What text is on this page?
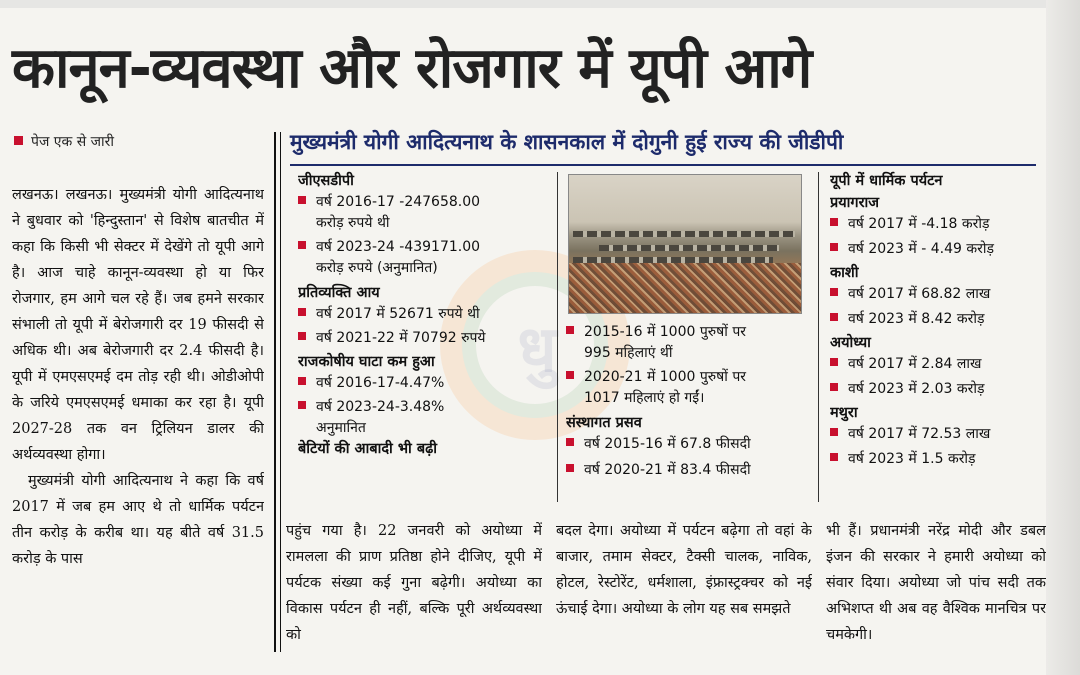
धु
कानून-व्यवस्था और रोजगार में यूपी आगे
पेज एक से जारी

लखनऊ। लखनऊ। मुख्यमंत्री योगी आदित्यनाथ ने बुधवार को 'हिन्दुस्तान' से विशेष बातचीत में कहा कि किसी भी सेक्टर में देखेंगे तो यूपी आगे है। आज चाहे कानून-व्यवस्था हो या फिर रोजगार, हम आगे चल रहे हैं। जब हमने सरकार संभाली तो यूपी में बेरोजगारी दर 19 फीसदी से अधिक थी। अब बेरोजगारी दर 2.4 फीसदी है। यूपी में एमएसएमई दम तोड़ रही थी। ओडीओपी के जरिये एमएसएमई धमाका कर रहा है। यूपी 2027-28 तक वन ट्रिलियन डालर की अर्थव्यवस्था होगा।

मुख्यमंत्री योगी आदित्यनाथ ने कहा कि वर्ष 2017 में जब हम आए थे तो धार्मिक पर्यटन तीन करोड़ के करीब था। यह बीते वर्ष 31.5 करोड़ के पास

मुख्यमंत्री योगी आदित्यनाथ के शासनकाल में दोगुनी हुई राज्य की जीडीपी
जीएसडीपी
वर्ष 2016-17 -247658.00
करोड़ रुपये थी
वर्ष 2023-24 -439171.00
करोड़ रुपये (अनुमानित)
प्रतिव्यक्ति आय
वर्ष 2017 में 52671 रुपये थी
वर्ष 2021-22 में 70792 रुपये
राजकोषीय घाटा कम हुआ
वर्ष 2016-17-4.47%
वर्ष 2023-24-3.48%
अनुमानित
बेटियों की आबादी भी बढ़ी
2015-16 में 1000 पुरुषों पर
995 महिलाएं थीं
2020-21 में 1000 पुरुषों पर
1017 महिलाएं हो गईं।
संस्थागत प्रसव
वर्ष 2015-16 में 67.8 फीसदी
वर्ष 2020-21 में 83.4 फीसदी
यूपी में धार्मिक पर्यटन
प्रयागराज
वर्ष 2017 में -4.18 करोड़
वर्ष 2023 में - 4.49 करोड़
काशी
वर्ष 2017 में 68.82 लाख
वर्ष 2023 में 8.42 करोड़
अयोध्या
वर्ष 2017 में 2.84 लाख
वर्ष 2023 में 2.03 करोड़
मथुरा
वर्ष 2017 में 72.53 लाख
वर्ष 2023 में 1.5 करोड़
पहुंच गया है। 22 जनवरी को अयोध्या में रामलला की प्राण प्रतिष्ठा होने दीजिए, यूपी में पर्यटक संख्या कई गुना बढ़ेगी। अयोध्या का विकास पर्यटन ही नहीं, बल्कि पूरी अर्थव्यवस्था को
बदल देगा। अयोध्या में पर्यटन बढ़ेगा तो वहां के बाजार, तमाम सेक्टर, टैक्सी चालक, नाविक, होटल, रेस्टोरेंट, धर्मशाला, इंफ्रास्ट्रक्चर को नई ऊंचाई देगा। अयोध्या के लोग यह सब समझते
भी हैं। प्रधानमंत्री नरेंद्र मोदी और डबल इंजन की सरकार ने हमारी अयोध्या को संवार दिया। अयोध्या जो पांच सदी तक अभिशप्त थी अब वह वैश्विक मानचित्र पर चमकेगी।
